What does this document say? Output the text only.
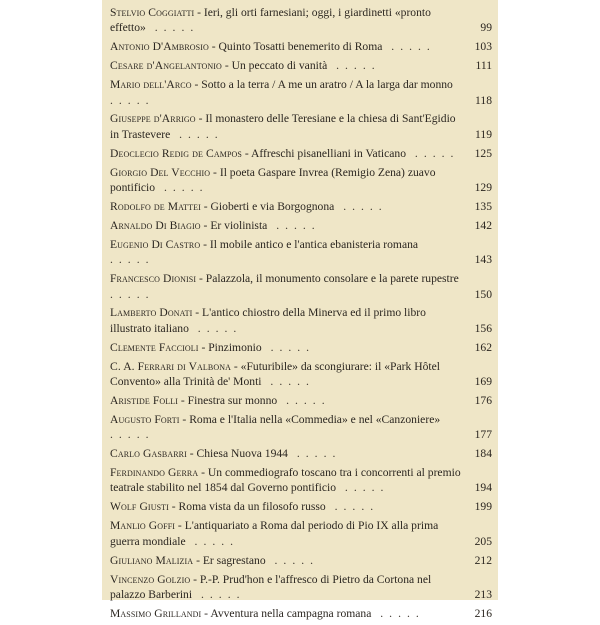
Stelvio Coggiatti - Ieri, gli orti farnesiani; oggi, i giardinetti «pronto effetto» .....	99
Antonio D'Ambrosio - Quinto Tosatti benemerito di Roma .....	103
Cesare d'Angelantonio - Un peccato di vanità .....	111
Mario dell'Arco - Sotto a la terra / A me un aratro / A la larga dar monno .....	118
Giuseppe d'Arrigo - Il monastero delle Teresiane e la chiesa di Sant'Egidio in Trastevere .....	119
Deoclecio Redig de Campos - Affreschi pisanelliani in Vaticano .....	125
Giorgio Del Vecchio - Il poeta Gaspare Invrea (Remigio Zena) zuavo pontificio .....	129
Rodolfo de Mattei - Gioberti e via Borgognona .....	135
Arnaldo Di Biagio - Er violinista .....	142
Eugenio Di Castro - Il mobile antico e l'antica ebanisteria romana .....	143
Francesco Dionisi - Palazzola, il monumento consolare e la parete rupestre .....	150
Lamberto Donati - L'antico chiostro della Minerva ed il primo libro illustrato italiano .....	156
Clemente Faccioli - Pinzimonio .....	162
C. A. Ferrari di Valbona - «Futuribile» da scongiurare: il «Park Hôtel Convento» alla Trinità de' Monti .....	169
Aristide Folli - Finestra sur monno .....	176
Augusto Forti - Roma e l'Italia nella «Commedia» e nel «Canzoniere» .....	177
Carlo Gasbarri - Chiesa Nuova 1944 .....	184
Ferdinando Gerra - Un commediografo toscano tra i concorrenti al premio teatrale stabilito nel 1854 dal Governo pontificio .....	194
Wolf Giusti - Roma vista da un filosofo russo .....	199
Manlio Goffi - L'antiquariato a Roma dal periodo di Pio IX alla prima guerra mondiale .....	205
Giuliano Malizia - Er sagrestano .....	212
Vincenzo Golzio - P.-P. Prud'hon e l'affresco di Pietro da Cortona nel palazzo Barberini .....	213
Massimo Grillandi - Avventura nella campagna romana .....	216
